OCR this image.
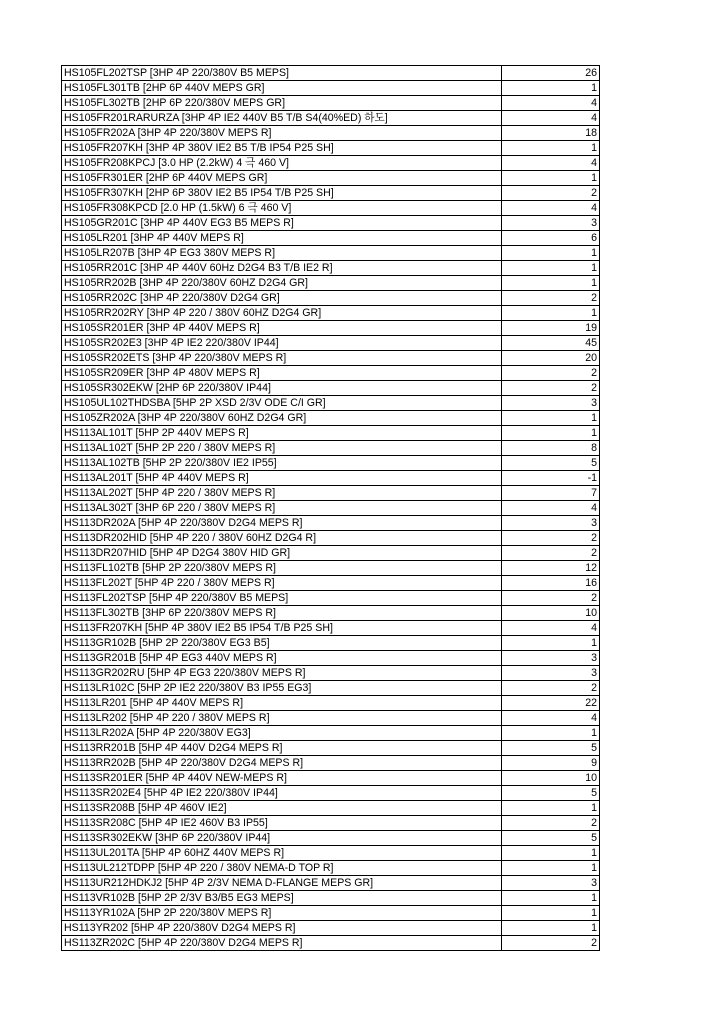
HS105FL202TSP [3HP 4P 220/380V B5 MEPS]	26
HS105FL301TB [2HP 6P 440V MEPS GR]	1
HS105FL302TB [2HP 6P 220/380V MEPS GR]	4
HS105FR201RARURZA [3HP 4P IE2 440V B5 T/B S4(40%ED) 하도]	4
HS105FR202A [3HP 4P 220/380V MEPS R]	18
HS105FR207KH [3HP 4P 380V IE2 B5 T/B IP54 P25 SH]	1
HS105FR208KPCJ [3.0 HP (2.2kW) 4 극 460 V]	4
HS105FR301ER [2HP 6P 440V MEPS GR]	1
HS105FR307KH [2HP 6P 380V IE2 B5 IP54 T/B P25 SH]	2
HS105FR308KPCD [2.0 HP (1.5kW) 6 극 460 V]	4
HS105GR201C [3HP 4P 440V EG3 B5 MEPS R]	3
HS105LR201 [3HP 4P 440V MEPS R]	6
HS105LR207B [3HP 4P EG3 380V MEPS R]	1
HS105RR201C [3HP 4P 440V 60Hz D2G4 B3 T/B IE2 R]	1
HS105RR202B [3HP 4P 220/380V 60HZ D2G4 GR]	1
HS105RR202C [3HP 4P 220/380V D2G4 GR]	2
HS105RR202RY [3HP 4P 220 / 380V 60HZ D2G4 GR]	1
HS105SR201ER [3HP 4P 440V MEPS R]	19
HS105SR202E3 [3HP 4P IE2 220/380V IP44]	45
HS105SR202ETS [3HP 4P 220/380V MEPS R]	20
HS105SR209ER [3HP 4P 480V MEPS R]	2
HS105SR302EKW [2HP 6P 220/380V IP44]	2
HS105UL102THDSBA [5HP 2P XSD 2/3V ODE C/I GR]	3
HS105ZR202A [3HP 4P 220/380V 60HZ D2G4 GR]	1
HS113AL101T [5HP 2P 440V MEPS R]	1
HS113AL102T [5HP 2P 220 / 380V MEPS R]	8
HS113AL102TB [5HP 2P 220/380V IE2 IP55]	5
HS113AL201T [5HP 4P 440V MEPS R]	-1
HS113AL202T [5HP 4P 220 / 380V MEPS R]	7
HS113AL302T [3HP 6P 220 / 380V MEPS R]	4
HS113DR202A [5HP 4P 220/380V D2G4 MEPS R]	3
HS113DR202HID [5HP 4P 220 / 380V 60HZ D2G4 R]	2
HS113DR207HID [5HP 4P D2G4 380V HID GR]	2
HS113FL102TB [5HP 2P 220/380V MEPS R]	12
HS113FL202T [5HP 4P 220 / 380V MEPS R]	16
HS113FL202TSP [5HP 4P 220/380V B5 MEPS]	2
HS113FL302TB [3HP 6P 220/380V MEPS R]	10
HS113FR207KH [5HP 4P 380V IE2 B5 IP54 T/B P25 SH]	4
HS113GR102B [5HP 2P 220/380V EG3 B5]	1
HS113GR201B [5HP 4P EG3 440V MEPS R]	3
HS113GR202RU [5HP 4P EG3 220/380V MEPS R]	3
HS113LR102C [5HP 2P IE2 220/380V B3 IP55 EG3]	2
HS113LR201 [5HP 4P 440V MEPS R]	22
HS113LR202 [5HP 4P 220 / 380V MEPS R]	4
HS113LR202A [5HP 4P 220/380V EG3]	1
HS113RR201B [5HP 4P 440V D2G4 MEPS R]	5
HS113RR202B [5HP 4P 220/380V D2G4 MEPS R]	9
HS113SR201ER [5HP 4P 440V NEW-MEPS R]	10
HS113SR202E4 [5HP 4P IE2 220/380V IP44]	5
HS113SR208B [5HP 4P 460V IE2]	1
HS113SR208C [5HP 4P IE2 460V B3 IP55]	2
HS113SR302EKW [3HP 6P 220/380V IP44]	5
HS113UL201TA [5HP 4P 60HZ 440V MEPS R]	1
HS113UL212TDPP [5HP 4P 220 / 380V NEMA-D TOP R]	1
HS113UR212HDKJ2 [5HP 4P 2/3V NEMA D-FLANGE MEPS GR]	3
HS113VR102B [5HP 2P 2/3V B3/B5 EG3 MEPS]	1
HS113YR102A [5HP 2P 220/380V MEPS R]	1
HS113YR202 [5HP 4P 220/380V D2G4 MEPS R]	1
HS113ZR202C [5HP 4P 220/380V D2G4 MEPS R]	2
